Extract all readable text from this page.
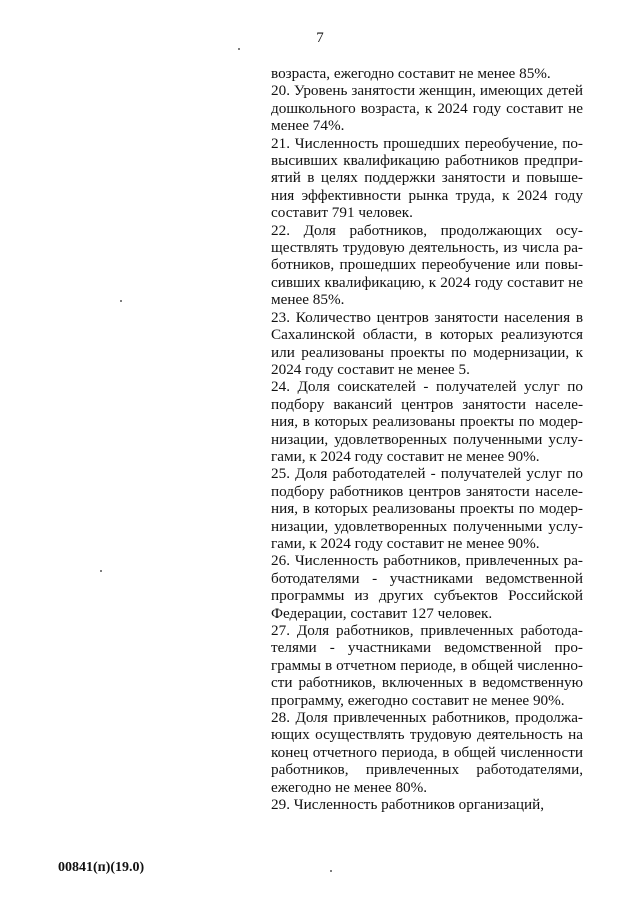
7
возраста, ежегодно составит не менее 85%.
20. Уровень занятости женщин, имеющих детей
дошкольного возраста, к 2024 году составит не
менее 74%.
21. Численность прошедших переобучение, по-
высивших квалификацию работников предпри-
ятий в целях поддержки занятости и повыше-
ния эффективности рынка труда, к 2024 году
составит 791 человек.
22. Доля работников, продолжающих осу-
ществлять трудовую деятельность, из числа ра-
ботников, прошедших переобучение или повы-
сивших квалификацию, к 2024 году составит не
менее 85%.
23. Количество центров занятости населения в
Сахалинской области, в которых реализуются
или реализованы проекты по модернизации, к
2024 году составит не менее 5.
24. Доля соискателей - получателей услуг по
подбору вакансий центров занятости населе-
ния, в которых реализованы проекты по модер-
низации, удовлетворенных полученными услу-
гами, к 2024 году составит не менее 90%.
25. Доля работодателей - получателей услуг по
подбору работников центров занятости населе-
ния, в которых реализованы проекты по модер-
низации, удовлетворенных полученными услу-
гами, к 2024 году составит не менее 90%.
26. Численность работников, привлеченных ра-
ботодателями - участниками ведомственной
программы из других субъектов Российской
Федерации, составит 127 человек.
27. Доля работников, привлеченных работода-
телями - участниками ведомственной про-
граммы в отчетном периоде, в общей численно-
сти работников, включенных в ведомственную
программу, ежегодно составит не менее 90%.
28. Доля привлеченных работников, продолжа-
ющих осуществлять трудовую деятельность на
конец отчетного периода, в общей численности
работников, привлеченных работодателями,
ежегодно не менее 80%.
29. Численность работников организаций,
00841(п)(19.0)
